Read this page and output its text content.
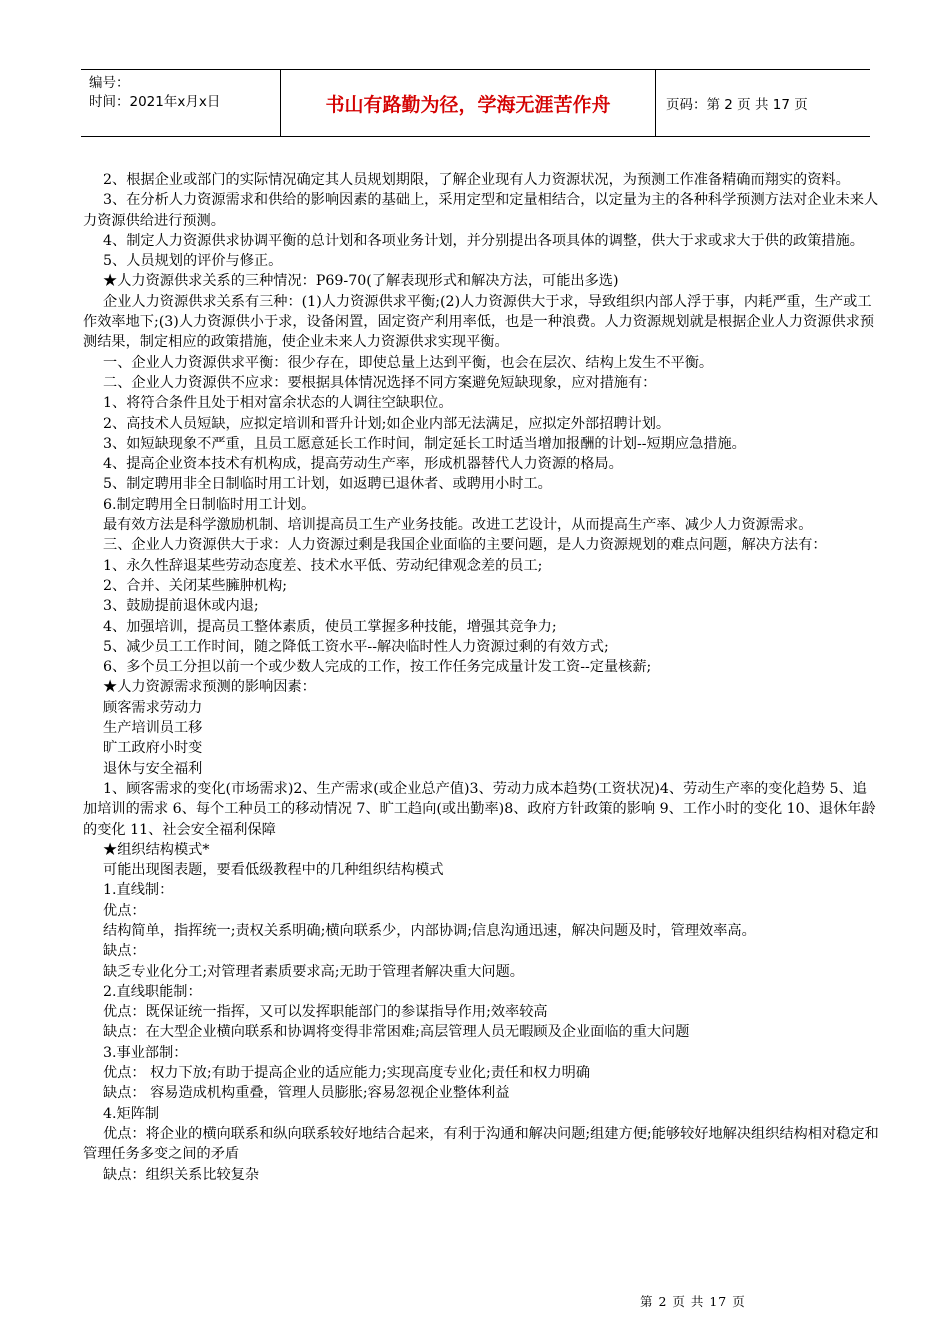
编号：
时间：2021年x月x日	书山有路勤为径，学海无涯苦作舟	页码：第 2 页 共 17 页

2、根据企业或部门的实际情况确定其人员规划期限，了解企业现有人力资源状况，为预测工作准备精确而翔实的资料。

3、在分析人力资源需求和供给的影响因素的基础上，采用定型和定量相结合，以定量为主的各种科学预测方法对企业未来人力资源供给进行预测。

4、制定人力资源供求协调平衡的总计划和各项业务计划，并分别提出各项具体的调整，供大于求或求大于供的政策措施。

5、人员规划的评价与修正。

★人力资源供求关系的三种情况：P69-70(了解表现形式和解决方法，可能出多选)

企业人力资源供求关系有三种：(1)人力资源供求平衡;(2)人力资源供大于求，导致组织内部人浮于事，内耗严重，生产或工作效率地下;(3)人力资源供小于求，设备闲置，固定资产利用率低，也是一种浪费。人力资源规划就是根据企业人力资源供求预测结果，制定相应的政策措施，使企业未来人力资源供求实现平衡。

一、企业人力资源供求平衡：很少存在，即使总量上达到平衡，也会在层次、结构上发生不平衡。

二、企业人力资源供不应求：要根据具体情况选择不同方案避免短缺现象，应对措施有：

1、将符合条件且处于相对富余状态的人调往空缺职位。

2、高技术人员短缺，应拟定培训和晋升计划;如企业内部无法满足，应拟定外部招聘计划。

3、如短缺现象不严重，且员工愿意延长工作时间，制定延长工时适当增加报酬的计划--短期应急措施。

4、提高企业资本技术有机构成，提高劳动生产率，形成机器替代人力资源的格局。

5、制定聘用非全日制临时用工计划，如返聘已退休者、或聘用小时工。

6.制定聘用全日制临时用工计划。

最有效方法是科学激励机制、培训提高员工生产业务技能。改进工艺设计，从而提高生产率、减少人力资源需求。

三、企业人力资源供大于求：人力资源过剩是我国企业面临的主要问题，是人力资源规划的难点问题，解决方法有：

1、永久性辞退某些劳动态度差、技术水平低、劳动纪律观念差的员工;

2、合并、关闭某些臃肿机构;

3、鼓励提前退休或内退;

4、加强培训，提高员工整体素质，使员工掌握多种技能，增强其竞争力;

5、减少员工工作时间，随之降低工资水平--解决临时性人力资源过剩的有效方式;

6、多个员工分担以前一个或少数人完成的工作，按工作任务完成量计发工资--定量核薪;

★人力资源需求预测的影响因素：

顾客需求劳动力

生产培训员工移

旷工政府小时变

退休与安全福利

1、顾客需求的变化(市场需求)2、生产需求(或企业总产值)3、劳动力成本趋势(工资状况)4、劳动生产率的变化趋势 5、追加培训的需求 6、每个工种员工的移动情况 7、旷工趋向(或出勤率)8、政府方针政策的影响 9、工作小时的变化 10、退休年龄的变化 11、社会安全福利保障

★组织结构模式*

可能出现图表题，要看低级教程中的几种组织结构模式

1.直线制：

优点：

结构简单，指挥统一;责权关系明确;横向联系少，内部协调;信息沟通迅速，解决问题及时，管理效率高。

缺点：

缺乏专业化分工;对管理者素质要求高;无助于管理者解决重大问题。

2.直线职能制：

优点：既保证统一指挥，又可以发挥职能部门的参谋指导作用;效率较高

缺点：在大型企业横向联系和协调将变得非常困难;高层管理人员无暇顾及企业面临的重大问题

3.事业部制：

优点： 权力下放;有助于提高企业的适应能力;实现高度专业化;责任和权力明确

缺点： 容易造成机构重叠，管理人员膨胀;容易忽视企业整体利益

4.矩阵制

优点：将企业的横向联系和纵向联系较好地结合起来，有利于沟通和解决问题;组建方便;能够较好地解决组织结构相对稳定和管理任务多变之间的矛盾

缺点：组织关系比较复杂

第 2 页 共 17 页
